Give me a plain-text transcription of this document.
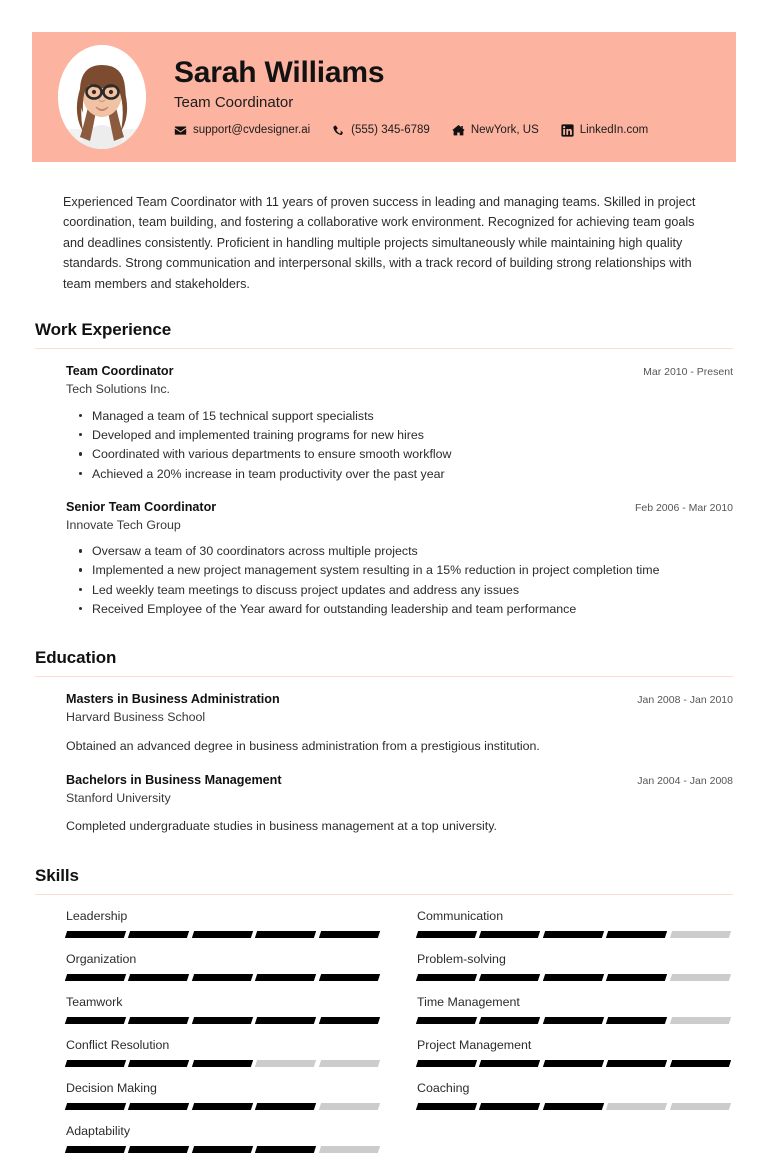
Sarah Williams
Team Coordinator
support@cvdesigner.ai	(555) 345-6789	NewYork, US	LinkedIn.com
Experienced Team Coordinator with 11 years of proven success in leading and managing teams. Skilled in project coordination, team building, and fostering a collaborative work environment. Recognized for achieving team goals and deadlines consistently. Proficient in handling multiple projects simultaneously while maintaining high quality standards. Strong communication and interpersonal skills, with a track record of building strong relationships with team members and stakeholders.
Work Experience
Team Coordinator	Mar 2010 - Present
Tech Solutions Inc.
Managed a team of 15 technical support specialists
Developed and implemented training programs for new hires
Coordinated with various departments to ensure smooth workflow
Achieved a 20% increase in team productivity over the past year
Senior Team Coordinator	Feb 2006 - Mar 2010
Innovate Tech Group
Oversaw a team of 30 coordinators across multiple projects
Implemented a new project management system resulting in a 15% reduction in project completion time
Led weekly team meetings to discuss project updates and address any issues
Received Employee of the Year award for outstanding leadership and team performance
Education
Masters in Business Administration	Jan 2008 - Jan 2010
Harvard Business School
Obtained an advanced degree in business administration from a prestigious institution.
Bachelors in Business Management	Jan 2004 - Jan 2008
Stanford University
Completed undergraduate studies in business management at a top university.
Skills
Leadership	Communication
Organization	Problem-solving
Teamwork	Time Management
Conflict Resolution	Project Management
Decision Making	Coaching
Adaptability
